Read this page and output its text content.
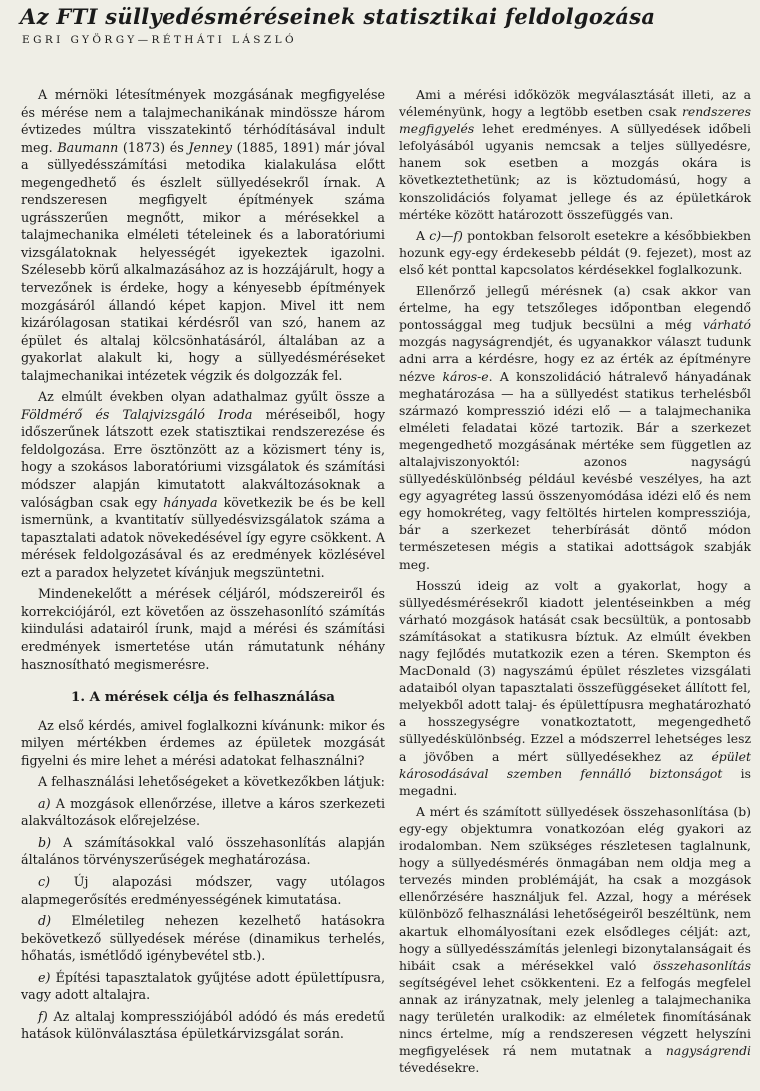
Az FTI süllyedésméréseinek statisztikai feldolgozása
EGRI GYÖRGY—RÉTHÁTI LÁSZLÓ

A mérnöki létesítmények mozgásának megfigyelése és mérése nem a talajmechanikának mindössze három évtizedes múltra visszatekintő térhódításával indult meg. Baumann (1873) és Jenney (1885, 1891) már jóval a süllyedésszámítási metodika kialakulása előtt megengedhető és észlelt süllyedésekről írnak. A rendszeresen megfigyelt építmények száma ugrásszerűen megnőtt, mikor a mérésekkel a talajmechanika elméleti tételeinek és a laboratóriumi vizsgálatoknak helyességét igyekeztek igazolni. Szélesebb körű alkalmazásához az is hozzájárult, hogy a tervezőnek is érdeke, hogy a kényesebb építmények mozgásáról állandó képet kapjon. Mivel itt nem kizárólagosan statikai kérdésről van szó, hanem az épület és altalaj kölcsönhatásáról, általában az a gyakorlat alakult ki, hogy a süllyedésméréseket talajmechanikai intézetek végzik és dolgozzák fel.

Az elmúlt években olyan adathalmaz gyűlt össze a Földmérő és Talajvizsgáló Iroda méréseiből, hogy időszerűnek látszott ezek statisztikai rendszerezése és feldolgozása. Erre ösztönzött az a közismert tény is, hogy a szokásos laboratóriumi vizsgálatok és számítási módszer alapján kimutatott alakváltozásoknak a valóságban csak egy hányada következik be és be kell ismernünk, a kvantitatív süllyedésvizsgálatok száma a tapasztalati adatok növekedésével így egyre csökkent. A mérések feldolgozásával és az eredmények közlésével ezt a paradox helyzetet kívánjuk megszüntetni.

Mindenekelőtt a mérések céljáról, módszereiről és korrekciójáról, ezt követően az összehasonlító számítás kiindulási adatairól írunk, majd a mérési és számítási eredmények ismertetése után rámutatunk néhány hasznosítható megismerésre.

1. A mérések célja és felhasználása

Az első kérdés, amivel foglalkozni kívánunk: mikor és milyen mértékben érdemes az épületek mozgását figyelni és mire lehet a mérési adatokat felhasználni?

A felhasználási lehetőségeket a következőkben látjuk:

a) A mozgások ellenőrzése, illetve a káros szerkezeti alakváltozások előrejelzése.

b) A számításokkal való összehasonlítás alapján általános törvényszerűségek meghatározása.

c) Új alapozási módszer, vagy utólagos alapmegerősítés eredményességének kimutatása.

d) Elméletileg nehezen kezelhető hatásokra bekövetkező süllyedések mérése (dinamikus terhelés, hőhatás, ismétlődő igénybevétel stb.).

e) Építési tapasztalatok gyűjtése adott épülettípusra, vagy adott altalajra.

f) Az altalaj kompressziójából adódó és más eredetű hatások különválasztása épületkárvizsgálat során.

Ami a mérési időközök megválasztását illeti, az a véleményünk, hogy a legtöbb esetben csak rendszeres megfigyelés lehet eredményes. A süllyedések időbeli lefolyásából ugyanis nemcsak a teljes süllyedésre, hanem sok esetben a mozgás okára is következtethetünk; az is köztudomású, hogy a konszolidációs folyamat jellege és az épületkárok mértéke között határozott összefüggés van.

A c)—f) pontokban felsorolt esetekre a későbbiekben hozunk egy-egy érdekesebb példát (9. fejezet), most az első két ponttal kapcsolatos kérdésekkel foglalkozunk.

Ellenőrző jellegű mérésnek (a) csak akkor van értelme, ha egy tetszőleges időpontban elegendő pontossággal meg tudjuk becsülni a még várható mozgás nagyságrendjét, és ugyanakkor választ tudunk adni arra a kérdésre, hogy ez az érték az építményre nézve káros-e. A konszolidáció hátralevő hányadának meghatározása — ha a süllyedést statikus terhelésből származó kompresszió idézi elő — a talajmechanika elméleti feladatai közé tartozik. Bár a szerkezet megengedhető mozgásának mértéke sem független az altalajviszonyoktól: azonos nagyságú süllyedéskülönbség például kevésbé veszélyes, ha azt egy agyagréteg lassú összenyomódása idézi elő és nem egy homokréteg, vagy feltöltés hirtelen kompressziója, bár a szerkezet teherbírását döntő módon természetesen mégis a statikai adottságok szabják meg.

Hosszú ideig az volt a gyakorlat, hogy a süllyedésmérésekről kiadott jelentéseinkben a még várható mozgások hatását csak becsültük, a pontosabb számításokat a statikusra bíztuk. Az elmúlt években nagy fejlődés mutatkozik ezen a téren. Skempton és MacDonald (3) nagyszámú épület részletes vizsgálati adataiból olyan tapasztalati összefüggéseket állított fel, melyekből adott talaj- és épülettípusra meghatározható a hosszegységre vonatkoztatott, megengedhető süllyedéskülönbség. Ezzel a módszerrel lehetséges lesz a jövőben a mért süllyedésekhez az épület károsodásával szemben fennálló biztonságot is megadni.

A mért és számított süllyedések összehasonlítása (b) egy-egy objektumra vonatkozóan elég gyakori az irodalomban. Nem szükséges részletesen taglalnunk, hogy a süllyedésmérés önmagában nem oldja meg a tervezés minden problémáját, ha csak a mozgások ellenőrzésére használjuk fel. Azzal, hogy a mérések különböző felhasználási lehetőségeiről beszéltünk, nem akartuk elhomályosítani ezek elsődleges célját: azt, hogy a süllyedésszámítás jelenlegi bizonytalanságait és hibáit csak a mérésekkel való összehasonlítás segítségével lehet csökkenteni. Ez a felfogás megfelel annak az irányzatnak, mely jelenleg a talajmechanika nagy területén uralkodik: az elméletek finomításának nincs értelme, míg a rendszeresen végzett helyszíni megfigyelések rá nem mutatnak a nagyságrendi tévedésekre.
